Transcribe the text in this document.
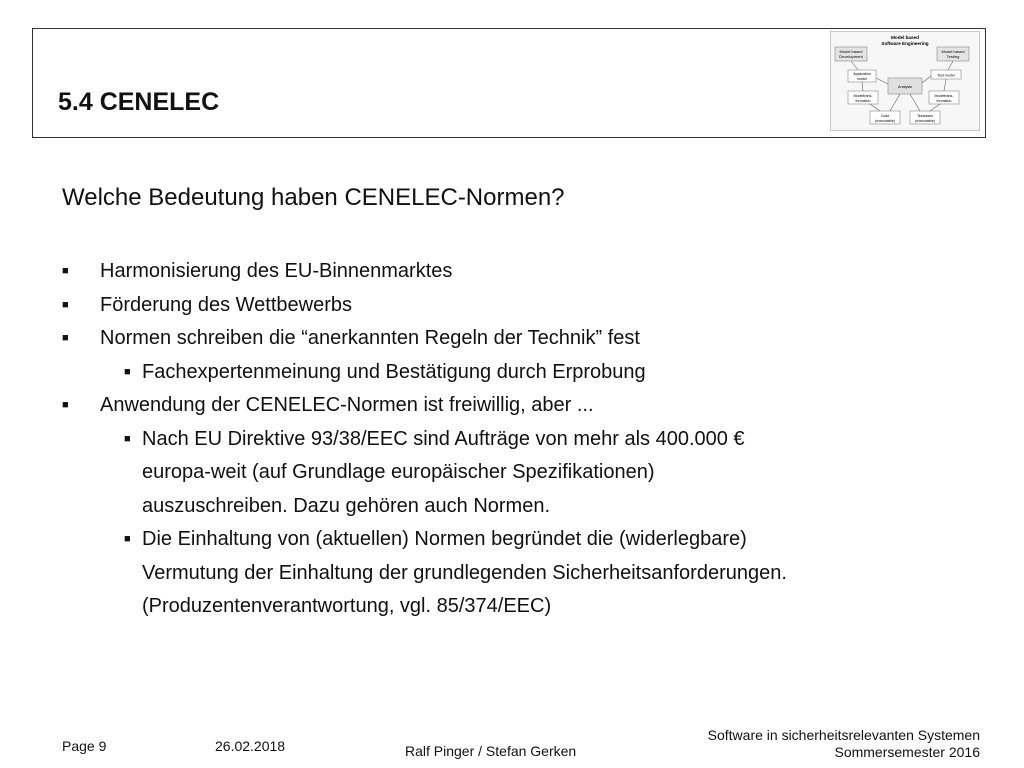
5.4 CENELEC
Model based
Software Engineering
Model based
Development
Model based
Testing
Application
model
Test model
Analysis
Modeltrans-
formation
Modeltrans-
formation
Code
(executable)
Testcases
(executable)
Welche Bedeutung haben CENELEC-Normen?
■ Harmonisierung des EU-Binnenmarktes
■ Förderung des Wettbewerbs
■ Normen schreiben die “anerkannten Regeln der Technik” fest
■ Fachexpertenmeinung und Bestätigung durch Erprobung
■ Anwendung der CENELEC-Normen ist freiwillig, aber ...
■ Nach EU Direktive 93/38/EEC sind Aufträge von mehr als 400.000 €
europa-weit (auf Grundlage europäischer Spezifikationen)
auszuschreiben. Dazu gehören auch Normen.
■ Die Einhaltung von (aktuellen) Normen begründet die (widerlegbare)
Vermutung der Einhaltung der grundlegenden Sicherheitsanforderungen.
(Produzentenverantwortung, vgl. 85/374/EEC)
Page 9	26.02.2018	Ralf Pinger / Stefan Gerken
Software in sicherheitsrelevanten Systemen
Sommersemester 2016
